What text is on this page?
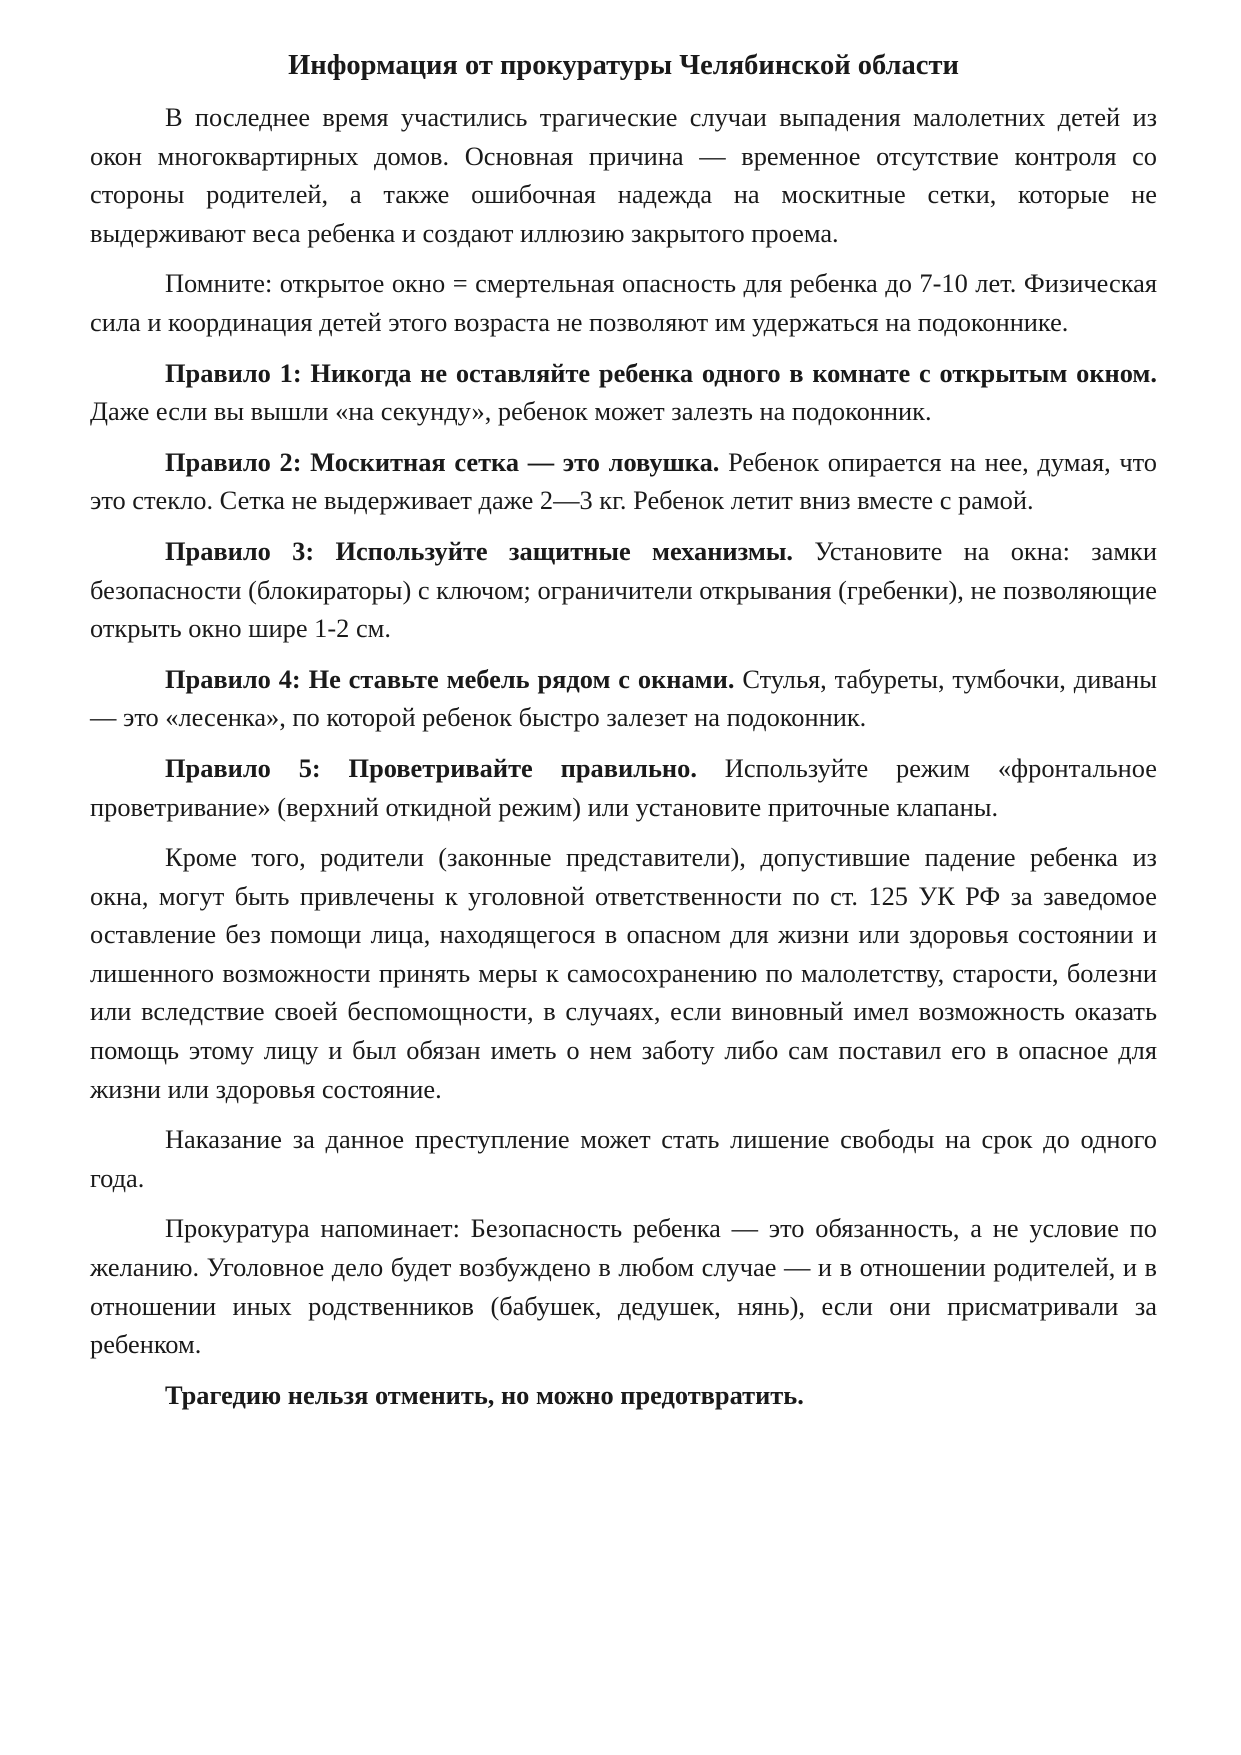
Информация от прокуратуры Челябинской области

В последнее время участились трагические случаи выпадения малолетних детей из окон многоквартирных домов. Основная причина — временное отсутствие контроля со стороны родителей, а также ошибочная надежда на москитные сетки, которые не выдерживают веса ребенка и создают иллюзию закрытого проема.

Помните: открытое окно = смертельная опасность для ребенка до 7-10 лет. Физическая сила и координация детей этого возраста не позволяют им удержаться на подоконнике.

Правило 1: Никогда не оставляйте ребенка одного в комнате с открытым окном. Даже если вы вышли «на секунду», ребенок может залезть на подоконник.

Правило 2: Москитная сетка — это ловушка. Ребенок опирается на нее, думая, что это стекло. Сетка не выдерживает даже 2—3 кг. Ребенок летит вниз вместе с рамой.

Правило 3: Используйте защитные механизмы. Установите на окна: замки безопасности (блокираторы) с ключом; ограничители открывания (гребенки), не позволяющие открыть окно шире 1-2 см.

Правило 4: Не ставьте мебель рядом с окнами. Стулья, табуреты, тумбочки, диваны — это «лесенка», по которой ребенок быстро залезет на подоконник.

Правило 5: Проветривайте правильно. Используйте режим «фронтальное проветривание» (верхний откидной режим) или установите приточные клапаны.

Кроме того, родители (законные представители), допустившие падение ребенка из окна, могут быть привлечены к уголовной ответственности по ст. 125 УК РФ за заведомое оставление без помощи лица, находящегося в опасном для жизни или здоровья состоянии и лишенного возможности принять меры к самосохранению по малолетству, старости, болезни или вследствие своей беспомощности, в случаях, если виновный имел возможность оказать помощь этому лицу и был обязан иметь о нем заботу либо сам поставил его в опасное для жизни или здоровья состояние.

Наказание за данное преступление может стать лишение свободы на срок до одного года.

Прокуратура напоминает: Безопасность ребенка — это обязанность, а не условие по желанию. Уголовное дело будет возбуждено в любом случае — и в отношении родителей, и в отношении иных родственников (бабушек, дедушек, нянь), если они присматривали за ребенком.

Трагедию нельзя отменить, но можно предотвратить.
